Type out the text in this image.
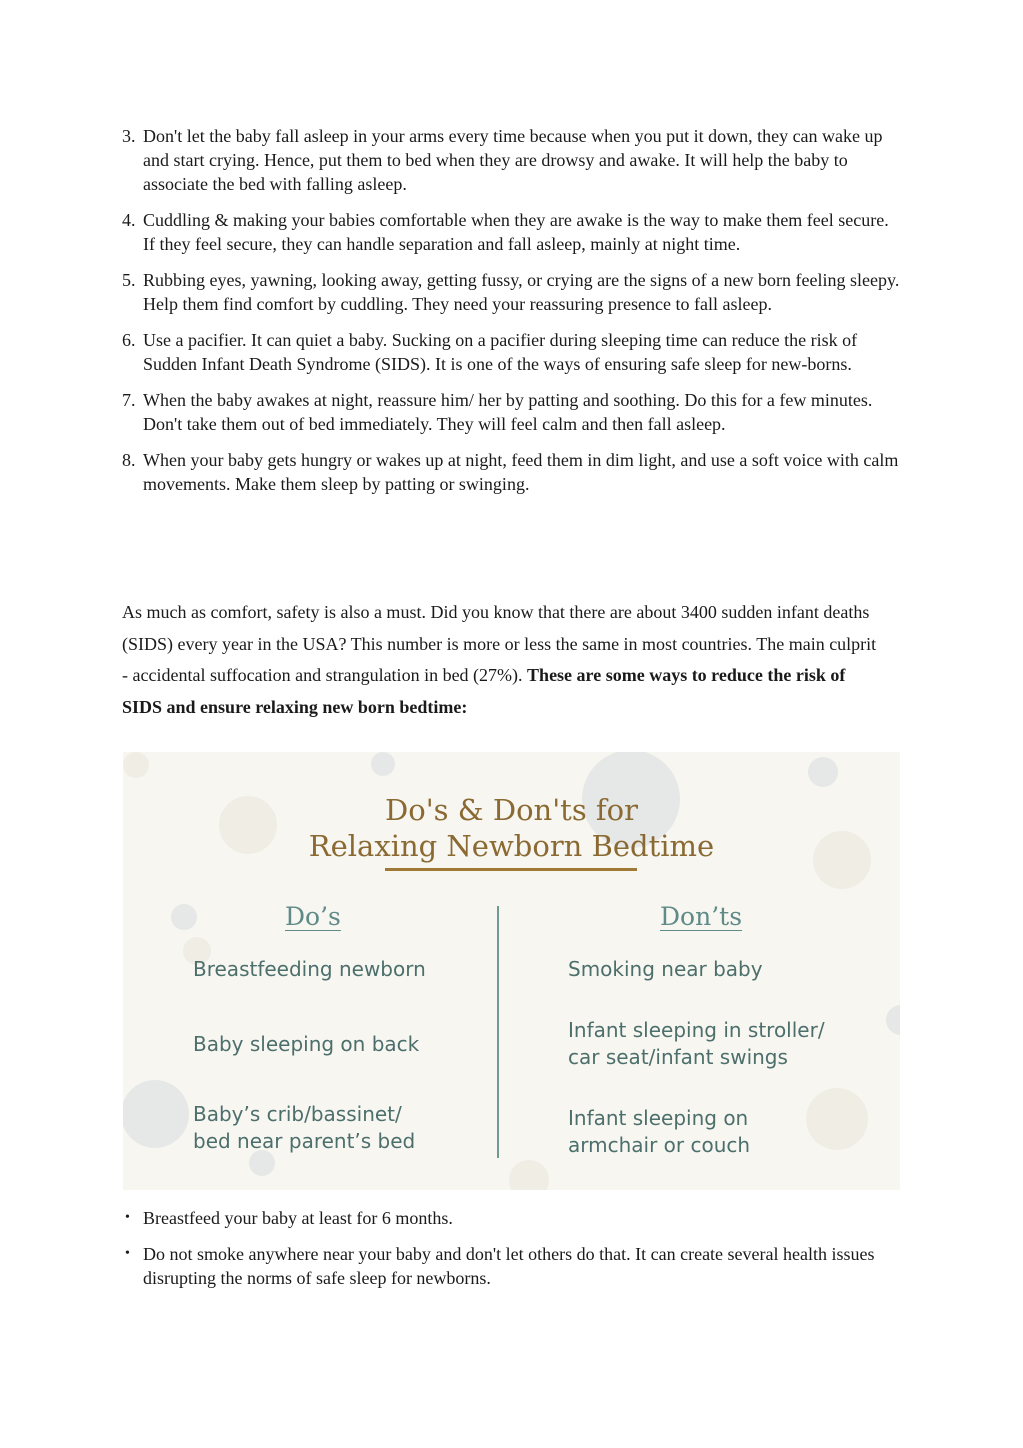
3. Don't let the baby fall asleep in your arms every time because when you put it down, they can wake up and start crying. Hence, put them to bed when they are drowsy and awake. It will help the baby to associate the bed with falling asleep.
4. Cuddling & making your babies comfortable when they are awake is the way to make them feel secure. If they feel secure, they can handle separation and fall asleep, mainly at night time.
5. Rubbing eyes, yawning, looking away, getting fussy, or crying are the signs of a new born feeling sleepy. Help them find comfort by cuddling. They need your reassuring presence to fall asleep.
6. Use a pacifier. It can quiet a baby. Sucking on a pacifier during sleeping time can reduce the risk of Sudden Infant Death Syndrome (SIDS). It is one of the ways of ensuring safe sleep for new-borns.
7. When the baby awakes at night, reassure him/ her by patting and soothing. Do this for a few minutes. Don't take them out of bed immediately. They will feel calm and then fall asleep.
8. When your baby gets hungry or wakes up at night, feed them in dim light, and use a soft voice with calm movements. Make them sleep by patting or swinging.

As much as comfort, safety is also a must. Did you know that there are about 3400 sudden infant deaths (SIDS) every year in the USA? This number is more or less the same in most countries. The main culprit - accidental suffocation and strangulation in bed (27%). These are some ways to reduce the risk of SIDS and ensure relaxing new born bedtime:

Do's & Don'ts for
Relaxing Newborn Bedtime
Do’s	Don’ts
Breastfeeding newborn
Baby sleeping on back
Baby’s crib/bassinet/
bed near parent’s bed
Smoking near baby
Infant sleeping in stroller/
car seat/infant swings
Infant sleeping on
armchair or couch
• Breastfeed your baby at least for 6 months.
• Do not smoke anywhere near your baby and don't let others do that. It can create several health issues disrupting the norms of safe sleep for newborns.
